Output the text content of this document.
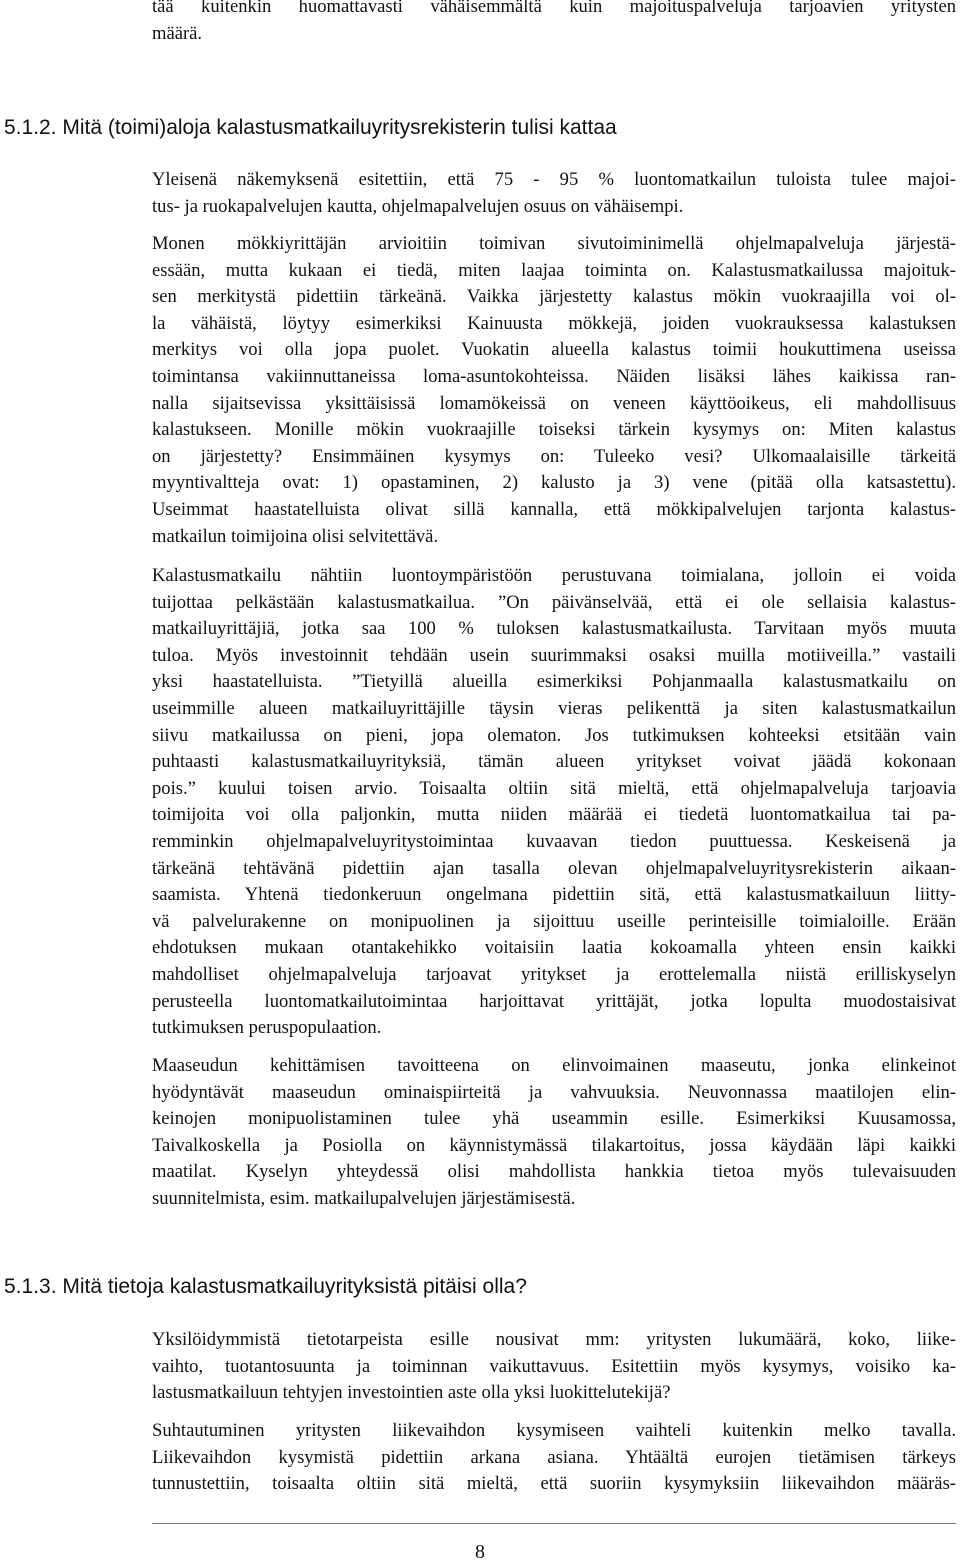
tää kuitenkin huomattavasti vähäisemmältä kuin majoituspalveluja tarjoavien yritysten
määrä.

5.1.2. Mitä (toimi)aloja kalastusmatkailuyritysrekisterin tulisi kattaa

Yleisenä näkemyksenä esitettiin, että 75 - 95 % luontomatkailun tuloista tulee majoi-
tus- ja ruokapalvelujen kautta, ohjelmapalvelujen osuus on vähäisempi.

Monen mökkiyrittäjän arvioitiin toimivan sivutoiminimellä ohjelmapalveluja järjestä-
essään, mutta kukaan ei tiedä, miten laajaa toiminta on. Kalastusmatkailussa majoituk-
sen merkitystä pidettiin tärkeänä. Vaikka järjestetty kalastus mökin vuokraajilla voi ol-
la vähäistä, löytyy esimerkiksi Kainuusta mökkejä, joiden vuokrauksessa kalastuksen
merkitys voi olla jopa puolet. Vuokatin alueella kalastus toimii houkuttimena useissa
toimintansa vakiinnuttaneissa loma-asuntokohteissa. Näiden lisäksi lähes kaikissa ran-
nalla sijaitsevissa yksittäisissä lomamökeissä on veneen käyttöoikeus, eli mahdollisuus
kalastukseen. Monille mökin vuokraajille toiseksi tärkein kysymys on: Miten kalastus
on järjestetty? Ensimmäinen kysymys on: Tuleeko vesi? Ulkomaalaisille tärkeitä
myyntivaltteja ovat: 1) opastaminen, 2) kalusto ja 3) vene (pitää olla katsastettu).
Useimmat haastatelluista olivat sillä kannalla, että mökkipalvelujen tarjonta kalastus-
matkailun toimijoina olisi selvitettävä.

Kalastusmatkailu nähtiin luontoympäristöön perustuvana toimialana, jolloin ei voida
tuijottaa pelkästään kalastusmatkailua. ”On päivänselvää, että ei ole sellaisia kalastus-
matkailuyrittäjiä, jotka saa 100 % tuloksen kalastusmatkailusta. Tarvitaan myös muuta
tuloa. Myös investoinnit tehdään usein suurimmaksi osaksi muilla motiiveilla.” vastaili
yksi haastatelluista. ”Tietyillä alueilla esimerkiksi Pohjanmaalla kalastusmatkailu on
useimmille alueen matkailuyrittäjille täysin vieras pelikenttä ja siten kalastusmatkailun
siivu matkailussa on pieni, jopa olematon. Jos tutkimuksen kohteeksi etsitään vain
puhtaasti kalastusmatkailuyrityksiä, tämän alueen yritykset voivat jäädä kokonaan
pois.” kuului toisen arvio. Toisaalta oltiin sitä mieltä, että ohjelmapalveluja tarjoavia
toimijoita voi olla paljonkin, mutta niiden määrää ei tiedetä luontomatkailua tai pa-
remminkin ohjelmapalveluyritystoimintaa kuvaavan tiedon puuttuessa. Keskeisenä ja
tärkeänä tehtävänä pidettiin ajan tasalla olevan ohjelmapalveluyritysrekisterin aikaan-
saamista. Yhtenä tiedonkeruun ongelmana pidettiin sitä, että kalastusmatkailuun liitty-
vä palvelurakenne on monipuolinen ja sijoittuu useille perinteisille toimialoille. Erään
ehdotuksen mukaan otantakehikko voitaisiin laatia kokoamalla yhteen ensin kaikki
mahdolliset ohjelmapalveluja tarjoavat yritykset ja erottelemalla niistä erilliskyselyn
perusteella luontomatkailutoimintaa harjoittavat yrittäjät, jotka lopulta muodostaisivat
tutkimuksen peruspopulaation.

Maaseudun kehittämisen tavoitteena on elinvoimainen maaseutu, jonka elinkeinot
hyödyntävät maaseudun ominaispiirteitä ja vahvuuksia. Neuvonnassa maatilojen elin-
keinojen monipuolistaminen tulee yhä useammin esille. Esimerkiksi Kuusamossa,
Taivalkoskella ja Posiolla on käynnistymässä tilakartoitus, jossa käydään läpi kaikki
maatilat. Kyselyn yhteydessä olisi mahdollista hankkia tietoa myös tulevaisuuden
suunnitelmista, esim. matkailupalvelujen järjestämisestä.

5.1.3. Mitä tietoja kalastusmatkailuyrityksistä pitäisi olla?

Yksilöidymmistä tietotarpeista esille nousivat mm: yritysten lukumäärä, koko, liike-
vaihto, tuotantosuunta ja toiminnan vaikuttavuus. Esitettiin myös kysymys, voisiko ka-
lastusmatkailuun tehtyjen investointien aste olla yksi luokittelutekijä?

Suhtautuminen yritysten liikevaihdon kysymiseen vaihteli kuitenkin melko tavalla.
Liikevaihdon kysymistä pidettiin arkana asiana. Yhtäältä eurojen tietämisen tärkeys
tunnustettiin, toisaalta oltiin sitä mieltä, että suoriin kysymyksiin liikevaihdon määräs-

8
